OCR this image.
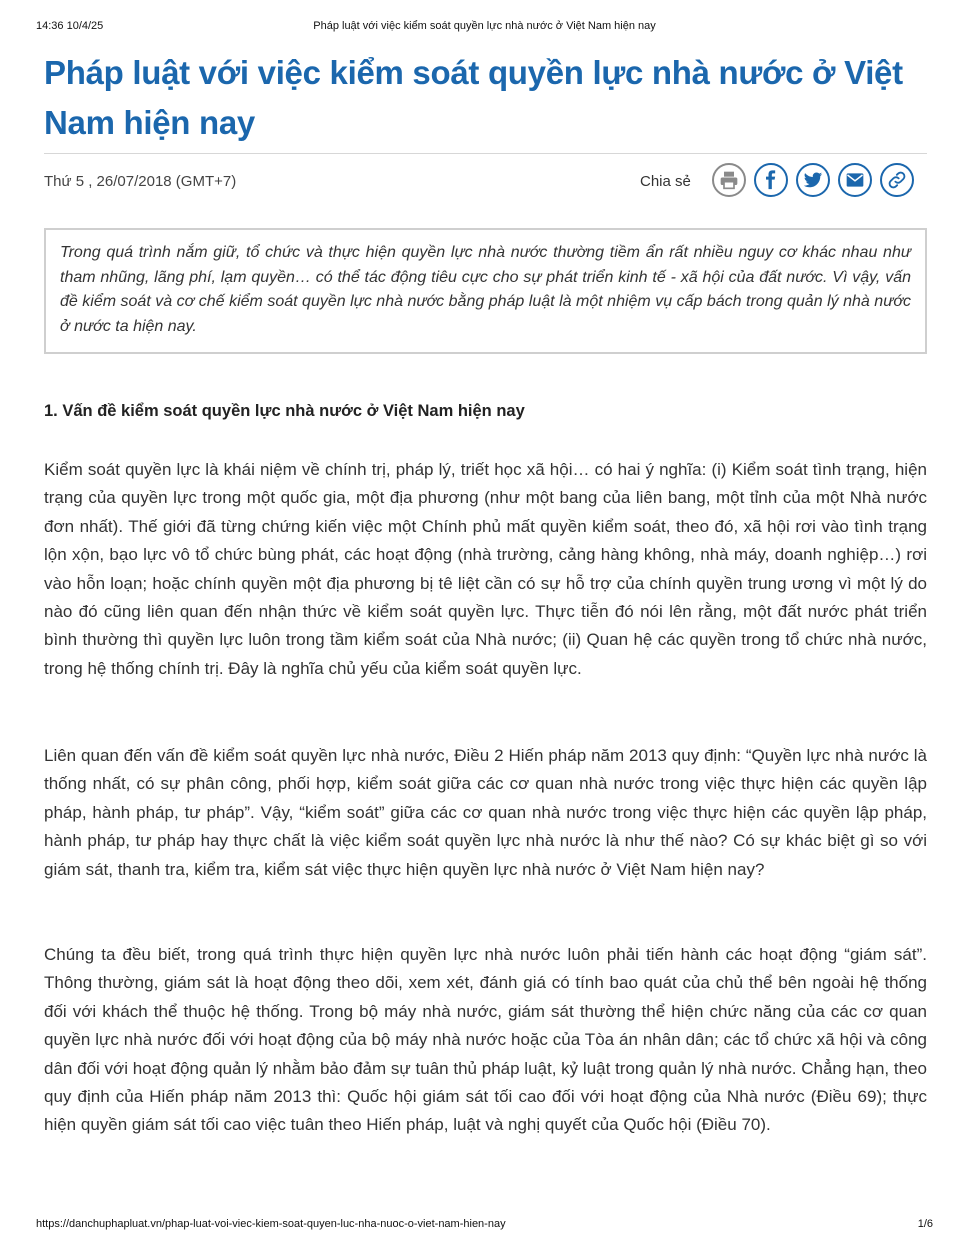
14:36 10/4/25	Pháp luật với việc kiểm soát quyền lực nhà nước ở Việt Nam hiện nay
Pháp luật với việc kiểm soát quyền lực nhà nước ở Việt Nam hiện nay
Thứ 5 , 26/07/2018 (GMT+7)	Chia sẻ
Trong quá trình nắm giữ, tổ chức và thực hiện quyền lực nhà nước thường tiềm ẩn rất nhiều nguy cơ khác nhau như tham nhũng, lãng phí, lạm quyền… có thể tác động tiêu cực cho sự phát triển kinh tế - xã hội của đất nước. Vì vậy, vấn đề kiểm soát và cơ chế kiểm soát quyền lực nhà nước bằng pháp luật là một nhiệm vụ cấp bách trong quản lý nhà nước ở nước ta hiện nay.
1. Vấn đề kiểm soát quyền lực nhà nước ở Việt Nam hiện nay

Kiểm soát quyền lực là khái niệm về chính trị, pháp lý, triết học xã hội… có hai ý nghĩa: (i) Kiểm soát tình trạng, hiện trạng của quyền lực trong một quốc gia, một địa phương (như một bang của liên bang, một tỉnh của một Nhà nước đơn nhất). Thế giới đã từng chứng kiến việc một Chính phủ mất quyền kiểm soát, theo đó, xã hội rơi vào tình trạng lộn xộn, bạo lực vô tổ chức bùng phát, các hoạt động (nhà trường, cảng hàng không, nhà máy, doanh nghiệp…) rơi vào hỗn loạn; hoặc chính quyền một địa phương bị tê liệt cần có sự hỗ trợ của chính quyền trung ương vì một lý do nào đó cũng liên quan đến nhận thức về kiểm soát quyền lực. Thực tiễn đó nói lên rằng, một đất nước phát triển bình thường thì quyền lực luôn trong tầm kiểm soát của Nhà nước; (ii) Quan hệ các quyền trong tổ chức nhà nước, trong hệ thống chính trị. Đây là nghĩa chủ yếu của kiểm soát quyền lực.

Liên quan đến vấn đề kiểm soát quyền lực nhà nước, Điều 2 Hiến pháp năm 2013 quy định: “Quyền lực nhà nước là thống nhất, có sự phân công, phối hợp, kiểm soát giữa các cơ quan nhà nước trong việc thực hiện các quyền lập pháp, hành pháp, tư pháp”. Vậy, “kiểm soát” giữa các cơ quan nhà nước trong việc thực hiện các quyền lập pháp, hành pháp, tư pháp hay thực chất là việc kiểm soát quyền lực nhà nước là như thế nào? Có sự khác biệt gì so với giám sát, thanh tra, kiểm tra, kiểm sát việc thực hiện quyền lực nhà nước ở Việt Nam hiện nay?

Chúng ta đều biết, trong quá trình thực hiện quyền lực nhà nước luôn phải tiến hành các hoạt động “giám sát”. Thông thường, giám sát là hoạt động theo dõi, xem xét, đánh giá có tính bao quát của chủ thể bên ngoài hệ thống đối với khách thể thuộc hệ thống. Trong bộ máy nhà nước, giám sát thường thể hiện chức năng của các cơ quan quyền lực nhà nước đối với hoạt động của bộ máy nhà nước hoặc của Tòa án nhân dân; các tổ chức xã hội và công dân đối với hoạt động quản lý nhằm bảo đảm sự tuân thủ pháp luật, kỷ luật trong quản lý nhà nước. Chẳng hạn, theo quy định của Hiến pháp năm 2013 thì: Quốc hội giám sát tối cao đối với hoạt động của Nhà nước (Điều 69); thực hiện quyền giám sát tối cao việc tuân theo Hiến pháp, luật và nghị quyết của Quốc hội (Điều 70).

https://danchuphapluat.vn/phap-luat-voi-viec-kiem-soat-quyen-luc-nha-nuoc-o-viet-nam-hien-nay	1/6
